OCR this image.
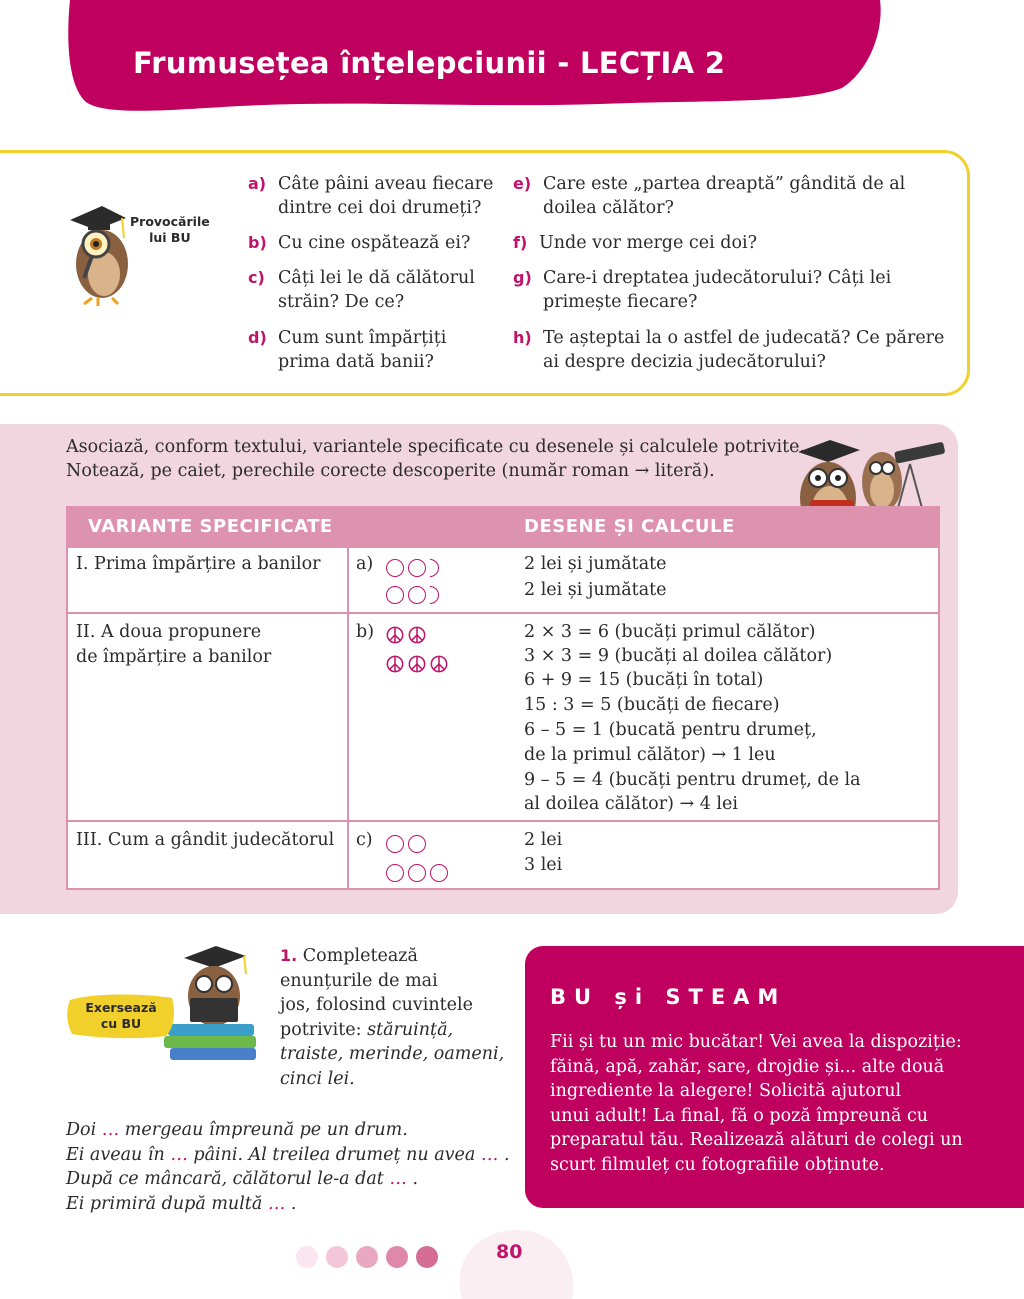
Frumusețea înțelepciunii - LECȚIA 2
Provocările
lui BU
a) Câte pâini aveau fiecare
dintre cei doi drumeți?
b) Cu cine ospătează ei?
c) Câți lei le dă călătorul
străin? De ce?
d) Cum sunt împărțiți
prima dată banii?
e) Care este „partea dreaptă” gândită de al
doilea călător?
f) Unde vor merge cei doi?
g) Care-i dreptatea judecătorului? Câți lei
primește fiecare?
h) Te așteptai la o astfel de judecată? Ce părere
ai despre decizia judecătorului?
Asociază, conform textului, variantele specificate cu desenele și calculele potrivite.
Notează, pe caiet, perechile corecte descoperite (număr roman → literă).
VARIANTE SPECIFICATE	DESENE ȘI CALCULE
I. Prima împărțire a banilor a)	2 lei și jumătate
2 lei și jumătate
II. A doua propunere
de împărțire a banilor
b)	2 × 3 = 6 (bucăți primul călător)
3 × 3 = 9 (bucăți al doilea călător)
6 + 9 = 15 (bucăți în total)
15 : 3 = 5 (bucăți de fiecare)
6 – 5 = 1 (bucată pentru drumeț,
de la primul călător) → 1 leu
9 – 5 = 4 (bucăți pentru drumeț, de la
al doilea călător) → 4 lei
III. Cum a gândit judecătorul c)	2 lei
3 lei
Exersează
cu BU
1. Completează
enunțurile de mai
jos, folosind cuvintele
potrivite: stăruință,
traiste, merinde, oameni,
cinci lei.
Doi … mergeau împreună pe un drum.
Ei aveau în … pâini. Al treilea drumeț nu avea … .
După ce mâncară, călătorul le-a dat … .
Ei primiră după multă … .
BU și STEAM
Fii și tu un mic bucătar! Vei avea la dispoziție:
făină, apă, zahăr, sare, drojdie și... alte două
ingrediente la alegere! Solicită ajutorul
unui adult! La final, fă o poză împreună cu
preparatul tău. Realizează alături de colegi un
scurt filmuleț cu fotografiile obținute.
80
